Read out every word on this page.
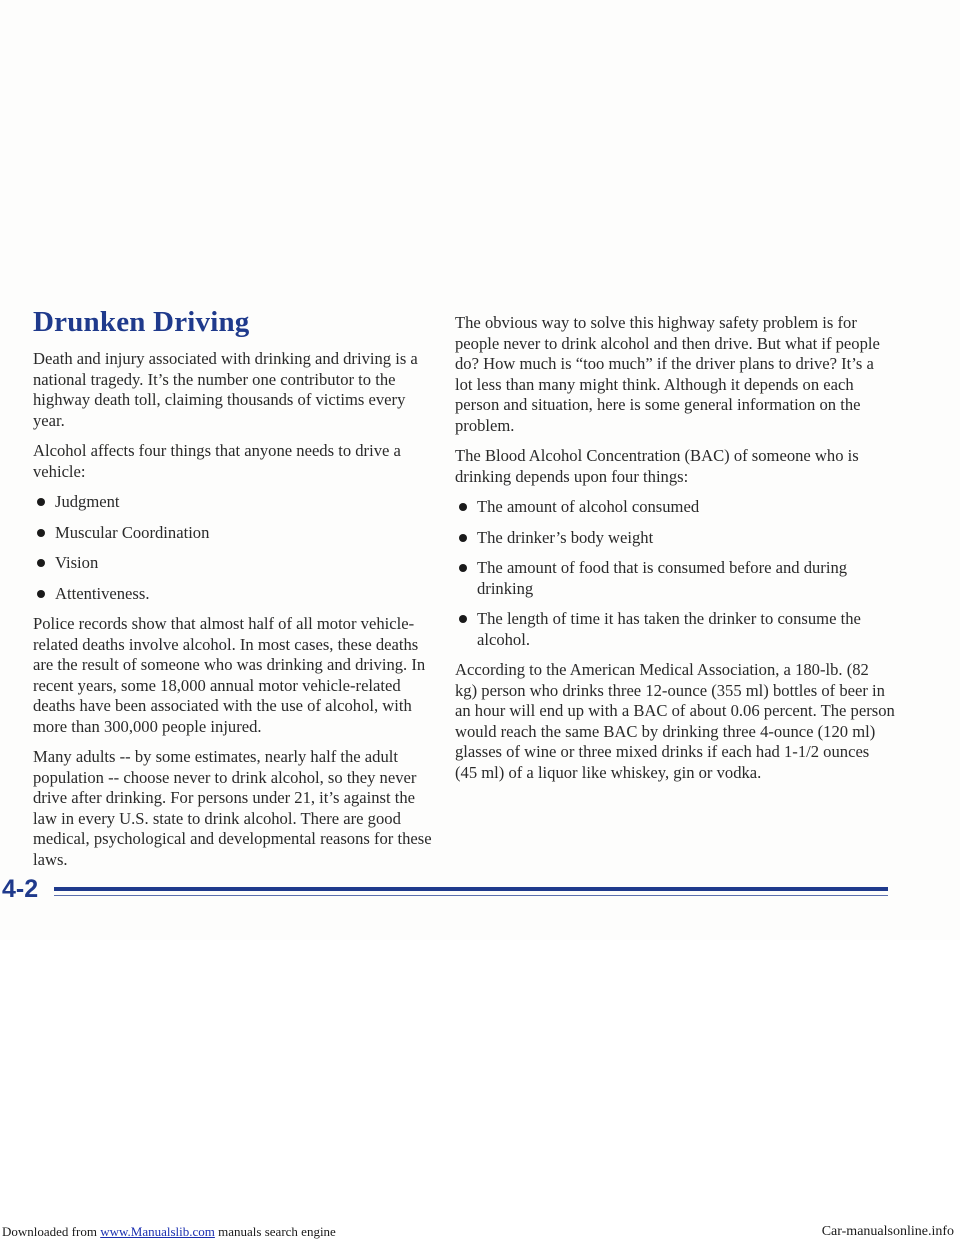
Drunken Driving

Death and injury associated with drinking and driving is a national tragedy. It’s the number one contributor to the highway death toll, claiming thousands of victims every year.

Alcohol affects four things that anyone needs to drive a vehicle:

Judgment
Muscular Coordination
Vision
Attentiveness.

Police records show that almost half of all motor vehicle-related deaths involve alcohol. In most cases, these deaths are the result of someone who was drinking and driving. In recent years, some 18,000 annual motor vehicle-related deaths have been associated with the use of alcohol, with more than 300,000 people injured.

Many adults -- by some estimates, nearly half the adult population -- choose never to drink alcohol, so they never drive after drinking. For persons under 21, it’s against the law in every U.S. state to drink alcohol. There are good medical, psychological and developmental reasons for these laws.

The obvious way to solve this highway safety problem is for people never to drink alcohol and then drive. But what if people do? How much is “too much” if the driver plans to drive? It’s a lot less than many might think. Although it depends on each person and situation, here is some general information on the problem.

The Blood Alcohol Concentration (BAC) of someone who is drinking depends upon four things:

The amount of alcohol consumed
The drinker’s body weight
The amount of food that is consumed before and during drinking
The length of time it has taken the drinker to consume the alcohol.

According to the American Medical Association, a 180-lb. (82 kg) person who drinks three 12-ounce (355 ml) bottles of beer in an hour will end up with a BAC of about 0.06 percent. The person would reach the same BAC by drinking three 4-ounce (120 ml) glasses of wine or three mixed drinks if each had 1-1/2 ounces (45 ml) of a liquor like whiskey, gin or vodka.

4-2
Downloaded from www.Manualslib.com manuals search engine	Car-manualsonline.info
